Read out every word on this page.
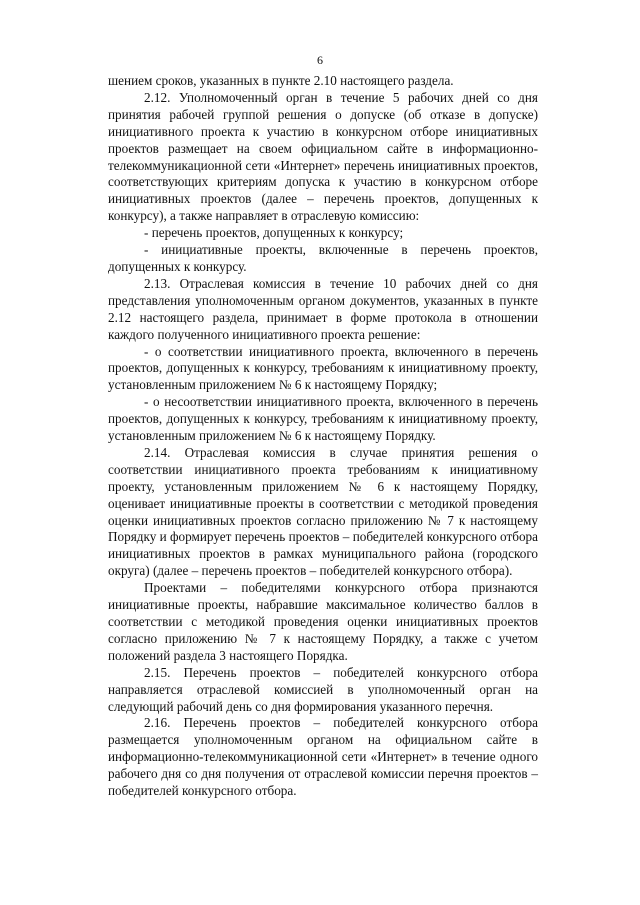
6

шением сроков, указанных в пункте 2.10 настоящего раздела.

2.12. Уполномоченный орган в течение 5 рабочих дней со дня принятия рабочей группой решения о допуске (об отказе в допуске) инициативного проекта к участию в конкурсном отборе инициативных проектов размещает на своем официальном сайте в информационно-телекоммуникационной сети «Интернет» перечень инициативных проектов, соответствующих критериям допуска к участию в конкурсном отборе инициативных проектов (далее – перечень проектов, допущенных к конкурсу), а также направляет в отраслевую комиссию:

- перечень проектов, допущенных к конкурсу;

- инициативные проекты, включенные в перечень проектов, допущенных к конкурсу.

2.13. Отраслевая комиссия в течение 10 рабочих дней со дня представления уполномоченным органом документов, указанных в пункте 2.12 настоящего раздела, принимает в форме протокола в отношении каждого полученного инициативного проекта решение:

- о соответствии инициативного проекта, включенного в перечень проектов, допущенных к конкурсу, требованиям к инициативному проекту, установленным приложением № 6 к настоящему Порядку;

- о несоответствии инициативного проекта, включенного в перечень проектов, допущенных к конкурсу, требованиям к инициативному проекту, установленным приложением № 6 к настоящему Порядку.

2.14. Отраслевая комиссия в случае принятия решения о соответствии инициативного проекта требованиям к инициативному проекту, установленным приложением № 6 к настоящему Порядку, оценивает инициативные проекты в соответствии с методикой проведения оценки инициативных проектов согласно приложению № 7 к настоящему Порядку и формирует перечень проектов – победителей конкурсного отбора инициативных проектов в рамках муниципального района (городского округа) (далее – перечень проектов – победителей конкурсного отбора).

Проектами – победителями конкурсного отбора признаются инициативные проекты, набравшие максимальное количество баллов в соответствии с методикой проведения оценки инициативных проектов согласно приложению № 7 к настоящему Порядку, а также с учетом положений раздела 3 настоящего Порядка.

2.15. Перечень проектов – победителей конкурсного отбора направляется отраслевой комиссией в уполномоченный орган на следующий рабочий день со дня формирования указанного перечня.

2.16. Перечень проектов – победителей конкурсного отбора размещается уполномоченным органом на официальном сайте в информационно-телекоммуникационной сети «Интернет» в течение одного рабочего дня со дня получения от отраслевой комиссии перечня проектов – победителей конкурсного отбора.
